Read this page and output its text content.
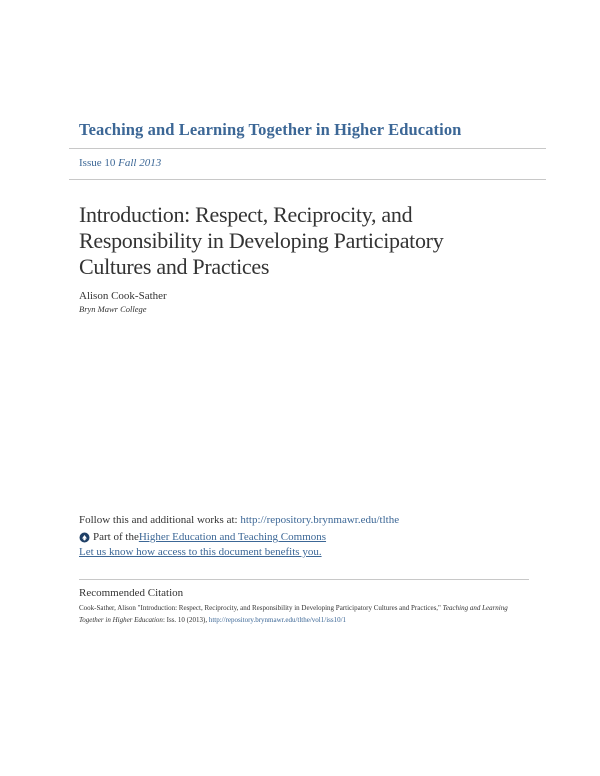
Teaching and Learning Together in Higher Education
Issue 10 Fall 2013
Introduction: Respect, Reciprocity, and Responsibility in Developing Participatory Cultures and Practices
Alison Cook-Sather
Bryn Mawr College
Follow this and additional works at: http://repository.brynmawr.edu/tlthe
Part of the Higher Education and Teaching Commons
Let us know how access to this document benefits you.
Recommended Citation
Cook-Sather, Alison "Introduction: Respect, Reciprocity, and Responsibility in Developing Participatory Cultures and Practices," Teaching and Learning Together in Higher Education: Iss. 10 (2013), http://repository.brynmawr.edu/tlthe/vol1/iss10/1
